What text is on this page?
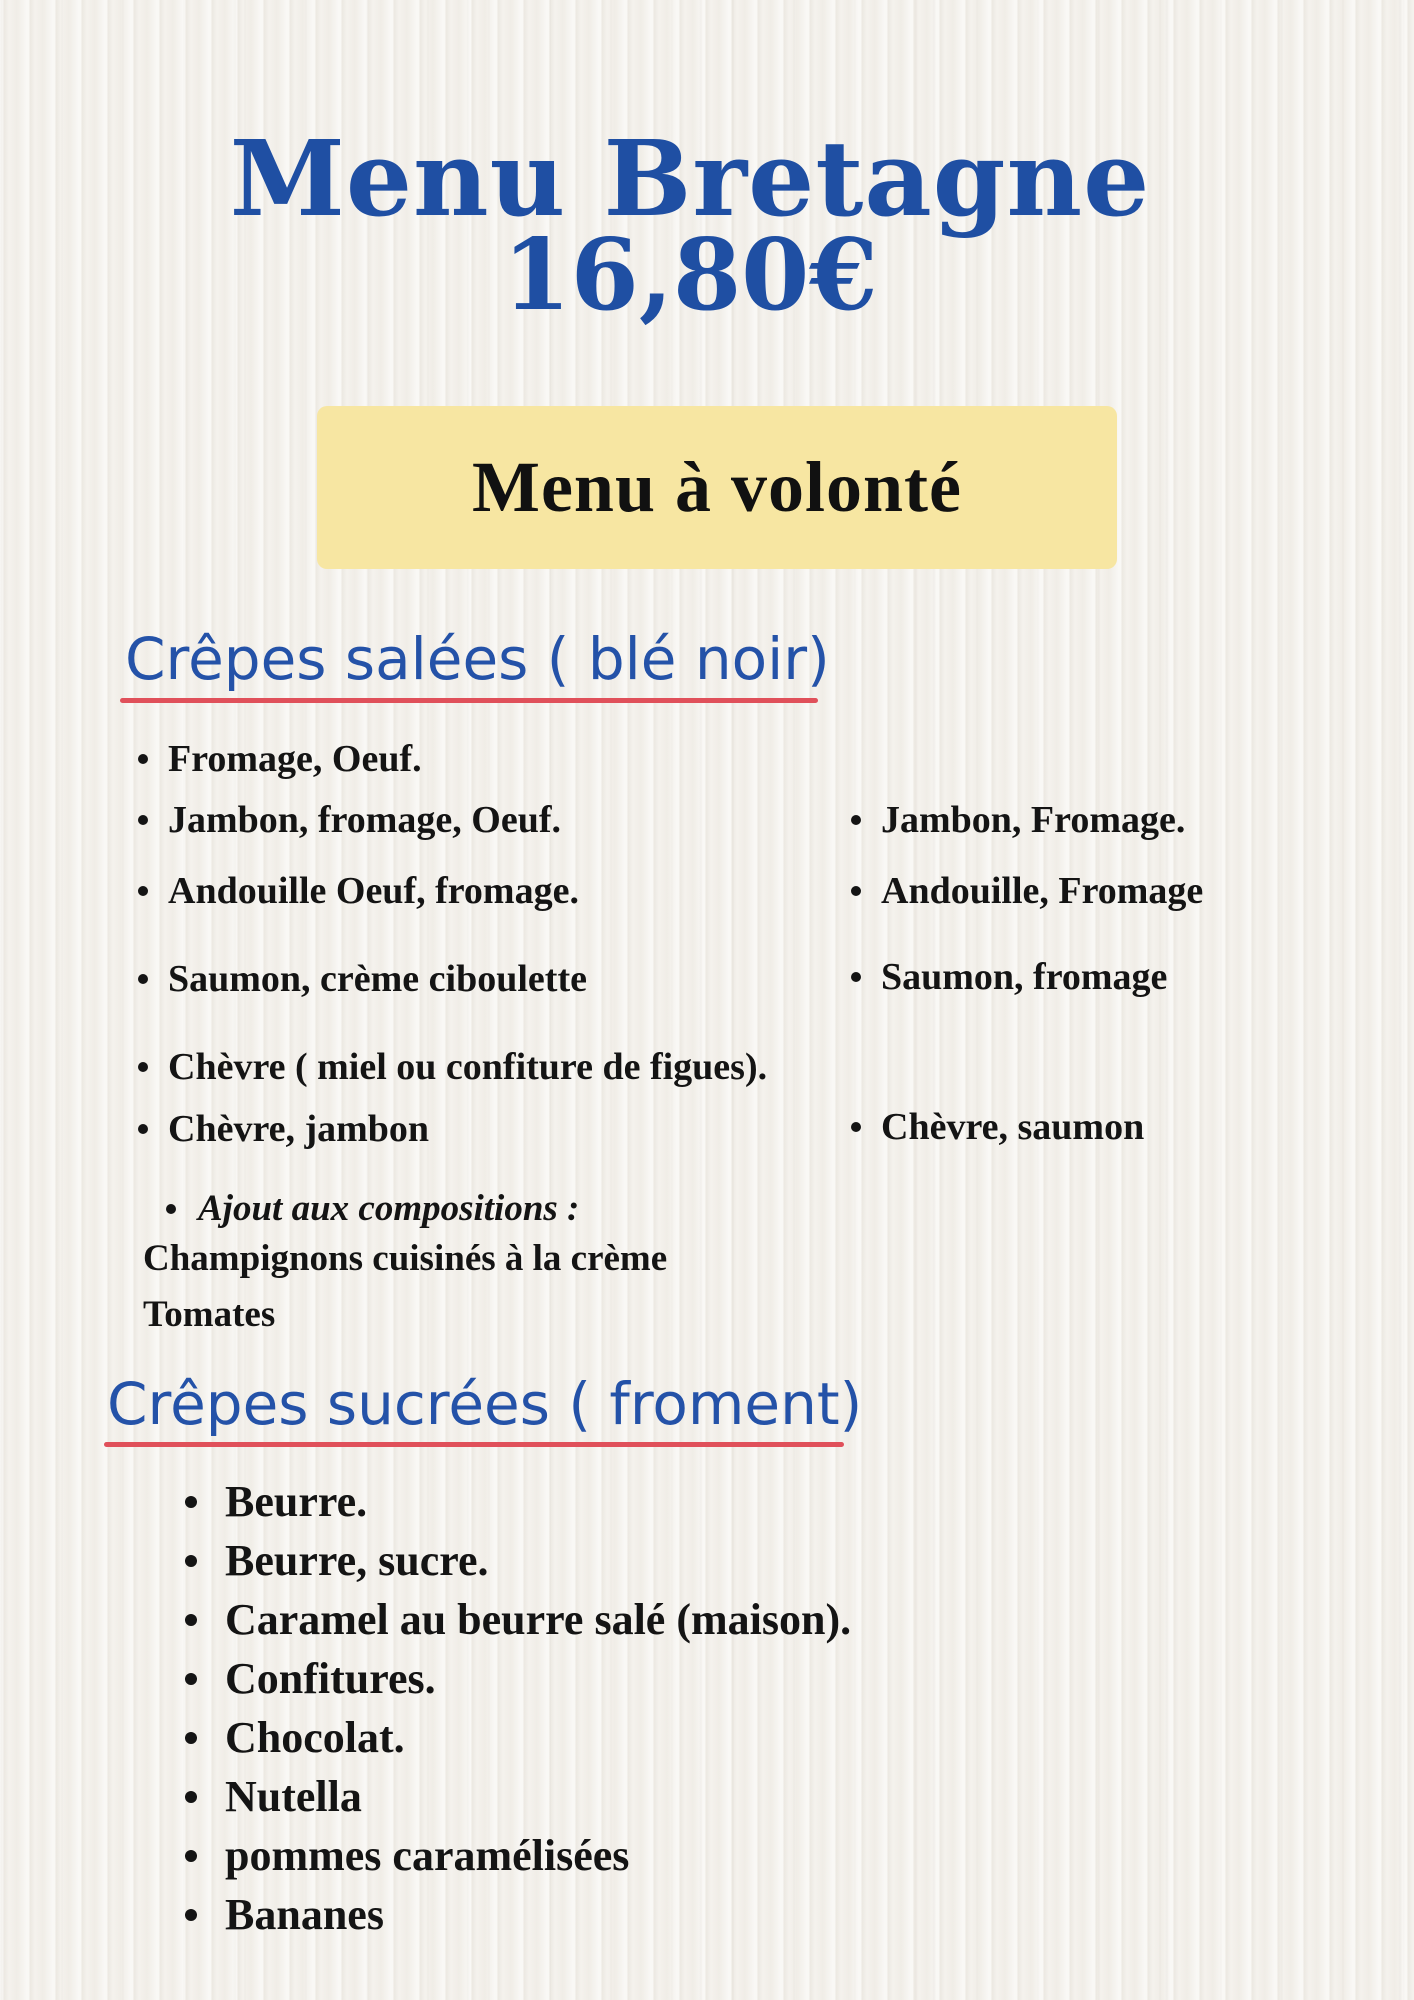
Menu Bretagne
16,80€
Menu à volonté
Crêpes salées ( blé noir)
Fromage, Oeuf.
Jambon, fromage, Oeuf.
Andouille Oeuf, fromage.
Saumon, crème ciboulette
Chèvre ( miel ou confiture de figues).
Chèvre, jambon
Jambon, Fromage.
Andouille, Fromage
Saumon, fromage
Chèvre, saumon
Ajout aux compositions :
Champignons cuisinés à la crème
Tomates
Crêpes sucrées ( froment)
Beurre.
Beurre, sucre.
Caramel au beurre salé (maison).
Confitures.
Chocolat.
Nutella
pommes caramélisées
Bananes
